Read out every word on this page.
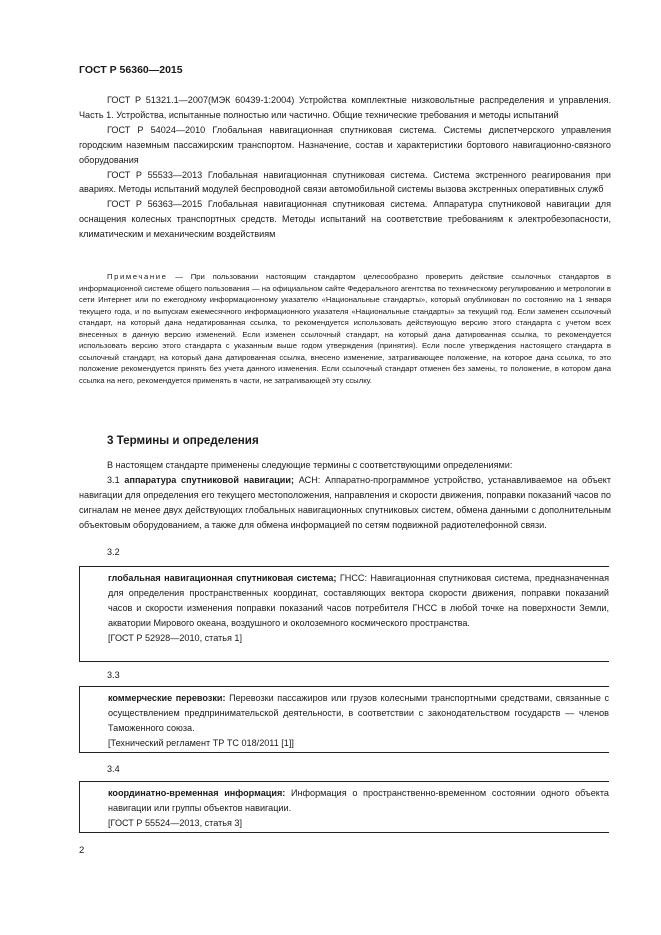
ГОСТ Р 56360—2015

ГОСТ Р 51321.1—2007(МЭК 60439-1:2004) Устройства комплектные низковольтные распределения и управления. Часть 1. Устройства, испытанные полностью или частично. Общие технические требования и методы испытаний

ГОСТ Р 54024—2010 Глобальная навигационная спутниковая система. Системы диспетчерского управления городским наземным пассажирским транспортом. Назначение, состав и характеристики бортового навигационно-связного оборудования

ГОСТ Р 55533—2013 Глобальная навигационная спутниковая система. Система экстренного реагирования при авариях. Методы испытаний модулей беспроводной связи автомобильной системы вызова экстренных оперативных служб

ГОСТ Р 56363—2015 Глобальная навигационная спутниковая система. Аппаратура спутниковой навигации для оснащения колесных транспортных средств. Методы испытаний на соответствие требованиям к электробезопасности, климатическим и механическим воздействиям

Примечание — При пользовании настоящим стандартом целесообразно проверить действие ссылочных стандартов в информационной системе общего пользования — на официальном сайте Федерального агентства по техническому регулированию и метрологии в сети Интернет или по ежегодному информационному указателю «Национальные стандарты», который опубликован по состоянию на 1 января текущего года, и по выпускам ежемесячного информационного указателя «Национальные стандарты» за текущий год. Если заменен ссылочный стандарт, на который дана недатированная ссылка, то рекомендуется использовать действующую версию этого стандарта с учетом всех внесенных в данную версию изменений. Если изменен ссылочный стандарт, на который дана датированная ссылка, то рекомендуется использовать версию этого стандарта с указанным выше годом утверждения (принятия). Если после утверждения настоящего стандарта в ссылочный стандарт, на который дана датированная ссылка, внесено изменение, затрагивающее положение, на которое дана ссылка, то это положение рекомендуется принять без учета данного изменения. Если ссылочный стандарт отменен без замены, то положение, в котором дана ссылка на него, рекомендуется применять в части, не затрагивающей эту ссылку.

3 Термины и определения

В настоящем стандарте применены следующие термины с соответствующими определениями:

3.1 аппаратура спутниковой навигации; АСН: Аппаратно-программное устройство, устанавливаемое на объект навигации для определения его текущего местоположения, направления и скорости движения, поправки показаний часов по сигналам не менее двух действующих глобальных навигационных спутниковых систем, обмена данными с дополнительным объектовым оборудованием, а также для обмена информацией по сетям подвижной радиотелефонной связи.

3.2

глобальная навигационная спутниковая система; ГНСС: Навигационная спутниковая система, предназначенная для определения пространственных координат, составляющих вектора скорости движения, поправки показаний часов и скорости изменения поправки показаний часов потребителя ГНСС в любой точке на поверхности Земли, акватории Мирового океана, воздушного и околоземного космического пространства.

[ГОСТ Р 52928—2010, статья 1]

3.3

коммерческие перевозки: Перевозки пассажиров или грузов колесными транспортными средствами, связанные с осуществлением предпринимательской деятельности, в соответствии с законодательством государств — членов Таможенного союза.

[Технический регламент ТР ТС 018/2011 [1]]

3.4

координатно-временная информация: Информация о пространственно-временном состоянии одного объекта навигации или группы объектов навигации.

[ГОСТ Р 55524—2013, статья 3]

2
